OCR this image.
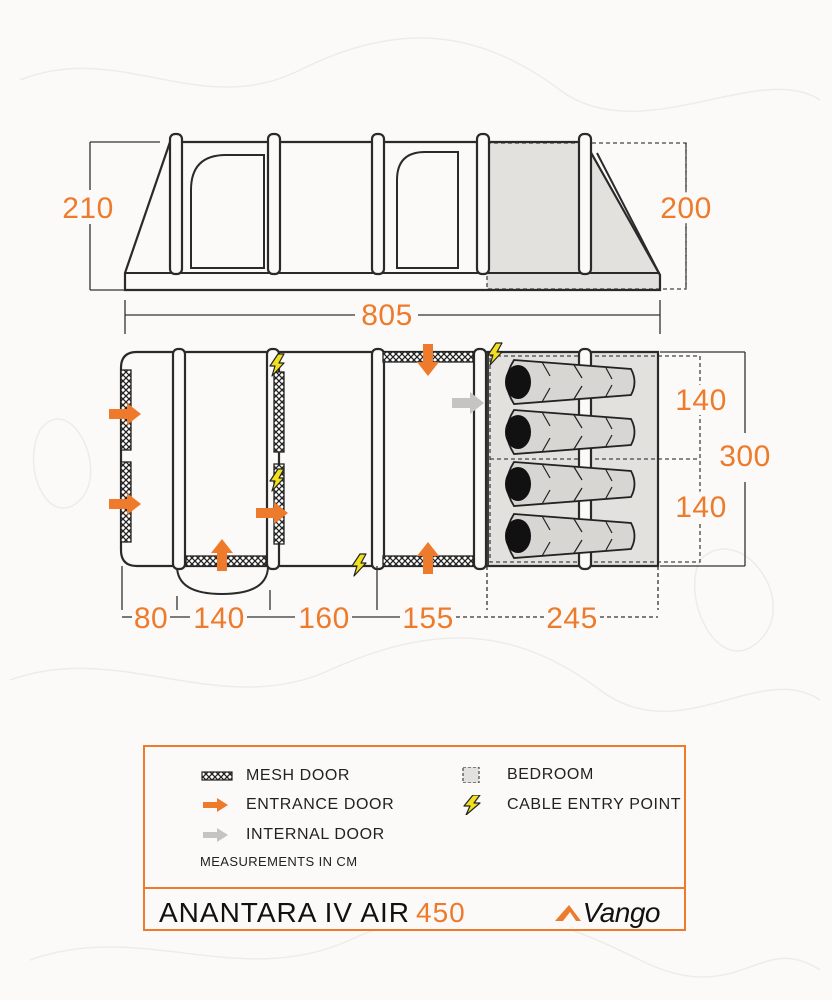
210	200
805
300
140
140
80 140 160 155	245
MESH DOOR
ENTRANCE DOOR
INTERNAL DOOR
BEDROOM
CABLE ENTRY POINT
MEASUREMENTS IN CM
ANANTARA IV AIR 450	Vango
